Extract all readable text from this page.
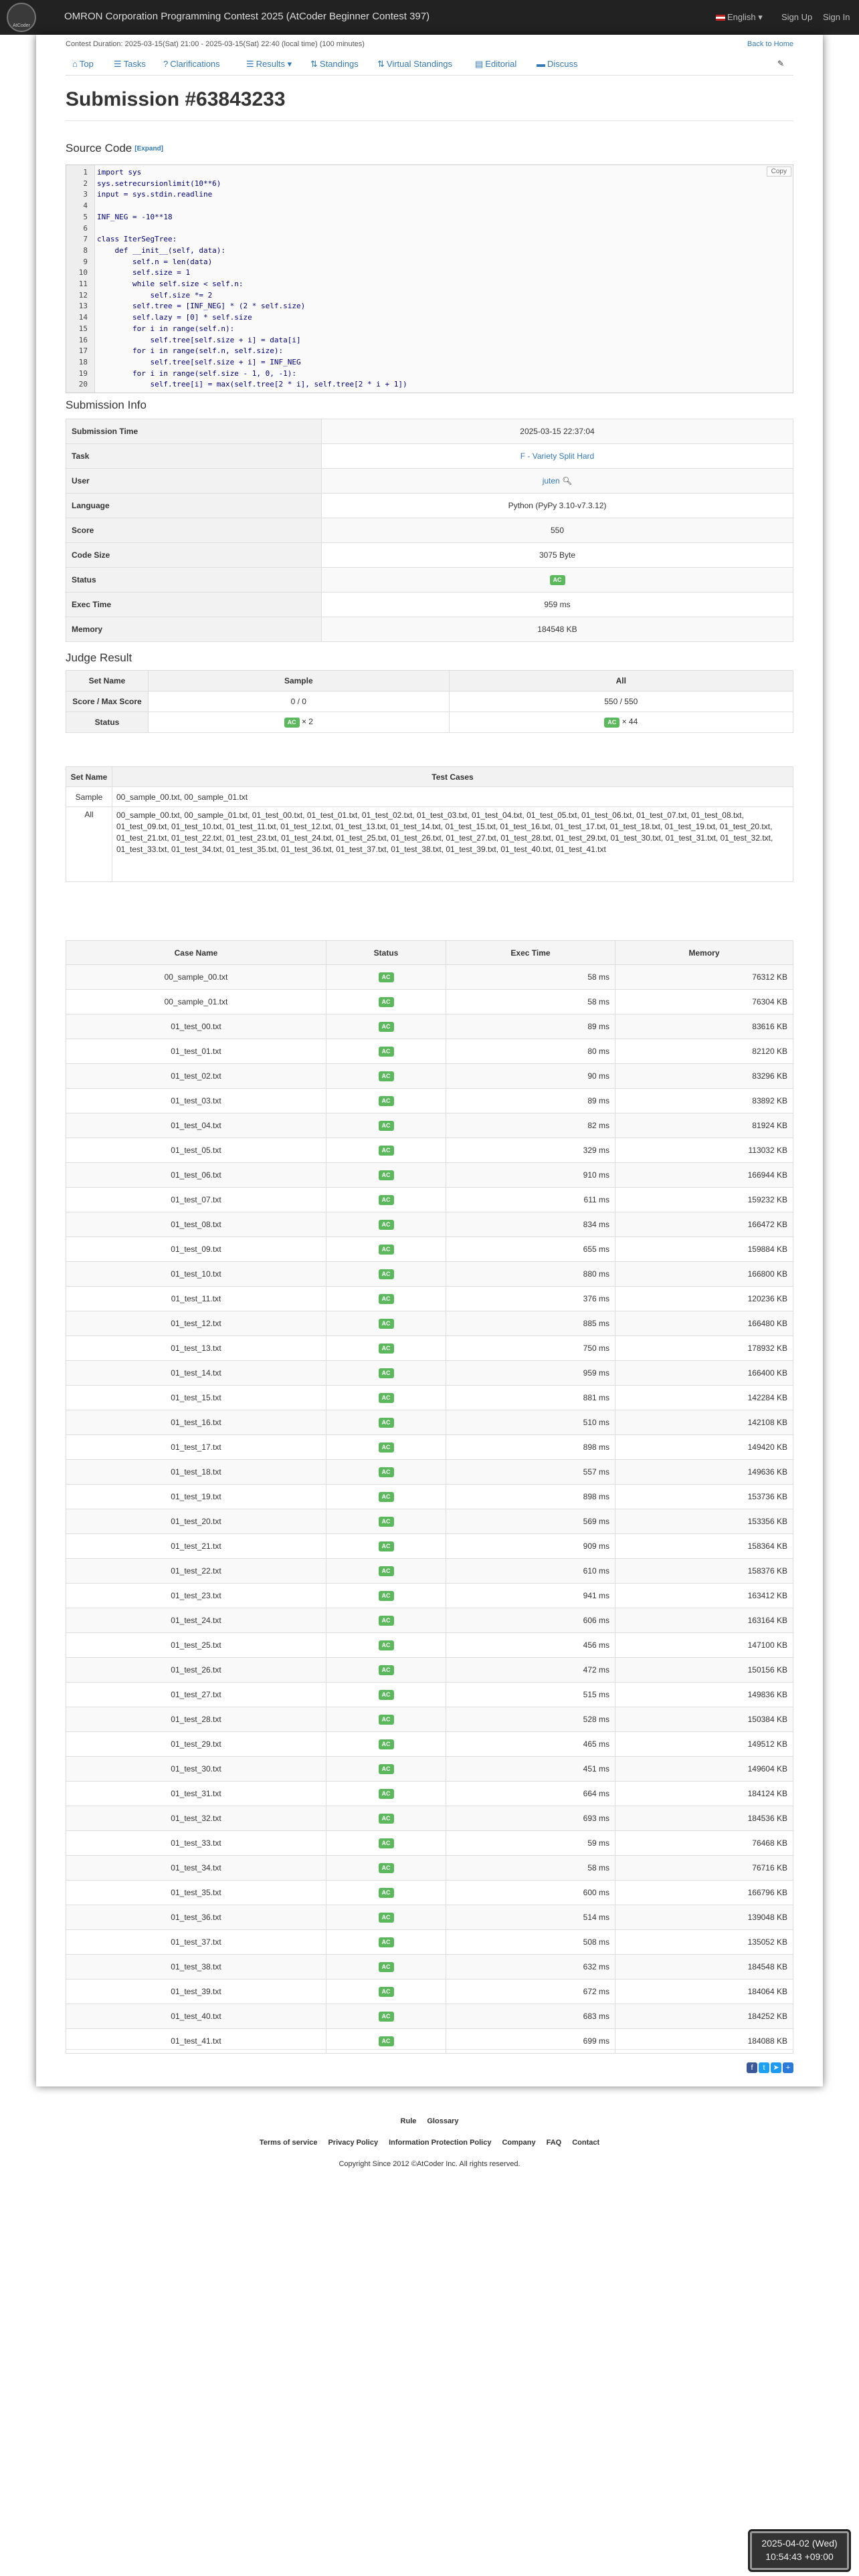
AtCoder
OMRON Corporation Programming Contest 2025 (AtCoder Beginner Contest 397)	English ▾ Sign Up Sign In
Contest Duration: 2025-03-15(Sat) 21:00 - 2025-03-15(Sat) 22:40 (local time) (100 minutes)	Back to Home
⌂ Top ☰ Tasks ? Clarifications	☰ Results ▾ ⇅ Standings ⇅ Virtual Standings	▤ Editorial ▬ Discuss	✎
Submission #63843233
Source Code [Expand]
Copy
1 import sys
2 sys.setrecursionlimit(10**6)
3 input = sys.stdin.readline
4
5 INF_NEG = -10**18
6
7 class IterSegTree:
8 def __init__(self, data):
9 self.n = len(data)
10 self.size = 1
11 while self.size < self.n:
12 self.size *= 2
13 self.tree = [INF_NEG] * (2 * self.size)
14 self.lazy = [0] * self.size
15 for i in range(self.n):
16 self.tree[self.size + i] = data[i]
17 for i in range(self.n, self.size):
18 self.tree[self.size + i] = INF_NEG
19 for i in range(self.size - 1, 0, -1):
20 self.tree[i] = max(self.tree[2 * i], self.tree[2 * i + 1])
Submission Info
Submission Time	2025-03-15 22:37:04
Task	F - Variety Split Hard
User	juten 🔍︎
Language	Python (PyPy 3.10-v7.3.12)
Score	550
Code Size	3075 Byte
Status	AC
Exec Time	959 ms
Memory	184548 KB
Judge Result
Set Name	Sample	All
Score / Max Score	0 / 0	550 / 550
Status	AC × 2	AC × 44
Set Name	Test Cases
Sample	00_sample_00.txt, 00_sample_01.txt
All	00_sample_00.txt, 00_sample_01.txt, 01_test_00.txt, 01_test_01.txt, 01_test_02.txt, 01_test_03.txt, 01_test_04.txt, 01_test_05.txt, 01_test_06.txt, 01_test_07.txt, 01_test_08.txt, 01_test_09.txt, 01_test_10.txt, 01_test_11.txt, 01_test_12.txt, 01_test_13.txt, 01_test_14.txt, 01_test_15.txt, 01_test_16.txt, 01_test_17.txt, 01_test_18.txt, 01_test_19.txt, 01_test_20.txt, 01_test_21.txt, 01_test_22.txt, 01_test_23.txt, 01_test_24.txt, 01_test_25.txt, 01_test_26.txt, 01_test_27.txt, 01_test_28.txt, 01_test_29.txt, 01_test_30.txt, 01_test_31.txt, 01_test_32.txt, 01_test_33.txt, 01_test_34.txt, 01_test_35.txt, 01_test_36.txt, 01_test_37.txt, 01_test_38.txt, 01_test_39.txt, 01_test_40.txt, 01_test_41.txt
Case Name	Status	Exec Time	Memory
00_sample_00.txt	AC	58 ms	76312 KB
00_sample_01.txt	AC	58 ms	76304 KB
01_test_00.txt	AC	89 ms	83616 KB
01_test_01.txt	AC	80 ms	82120 KB
01_test_02.txt	AC	90 ms	83296 KB
01_test_03.txt	AC	89 ms	83892 KB
01_test_04.txt	AC	82 ms	81924 KB
01_test_05.txt	AC	329 ms	113032 KB
01_test_06.txt	AC	910 ms	166944 KB
01_test_07.txt	AC	611 ms	159232 KB
01_test_08.txt	AC	834 ms	166472 KB
01_test_09.txt	AC	655 ms	159884 KB
01_test_10.txt	AC	880 ms	166800 KB
01_test_11.txt	AC	376 ms	120236 KB
01_test_12.txt	AC	885 ms	166480 KB
01_test_13.txt	AC	750 ms	178932 KB
01_test_14.txt	AC	959 ms	166400 KB
01_test_15.txt	AC	881 ms	142284 KB
01_test_16.txt	AC	510 ms	142108 KB
01_test_17.txt	AC	898 ms	149420 KB
01_test_18.txt	AC	557 ms	149636 KB
01_test_19.txt	AC	898 ms	153736 KB
01_test_20.txt	AC	569 ms	153356 KB
01_test_21.txt	AC	909 ms	158364 KB
01_test_22.txt	AC	610 ms	158376 KB
01_test_23.txt	AC	941 ms	163412 KB
01_test_24.txt	AC	606 ms	163164 KB
01_test_25.txt	AC	456 ms	147100 KB
01_test_26.txt	AC	472 ms	150156 KB
01_test_27.txt	AC	515 ms	149836 KB
01_test_28.txt	AC	528 ms	150384 KB
01_test_29.txt	AC	465 ms	149512 KB
01_test_30.txt	AC	451 ms	149604 KB
01_test_31.txt	AC	664 ms	184124 KB
01_test_32.txt	AC	693 ms	184536 KB
01_test_33.txt	AC	59 ms	76468 KB
01_test_34.txt	AC	58 ms	76716 KB
01_test_35.txt	AC	600 ms	166796 KB
01_test_36.txt	AC	514 ms	139048 KB
01_test_37.txt	AC	508 ms	135052 KB
01_test_38.txt	AC	632 ms	184548 KB
01_test_39.txt	AC	672 ms	184064 KB
01_test_40.txt	AC	683 ms	184252 KB
01_test_41.txt	AC	699 ms	184088 KB
f t ➤ +
Rule Glossary
Terms of service Privacy Policy Information Protection Policy Company FAQ Contact
Copyright Since 2012 ©AtCoder Inc. All rights reserved.
2025-04-02 (Wed)
10:54:43 +09:00
